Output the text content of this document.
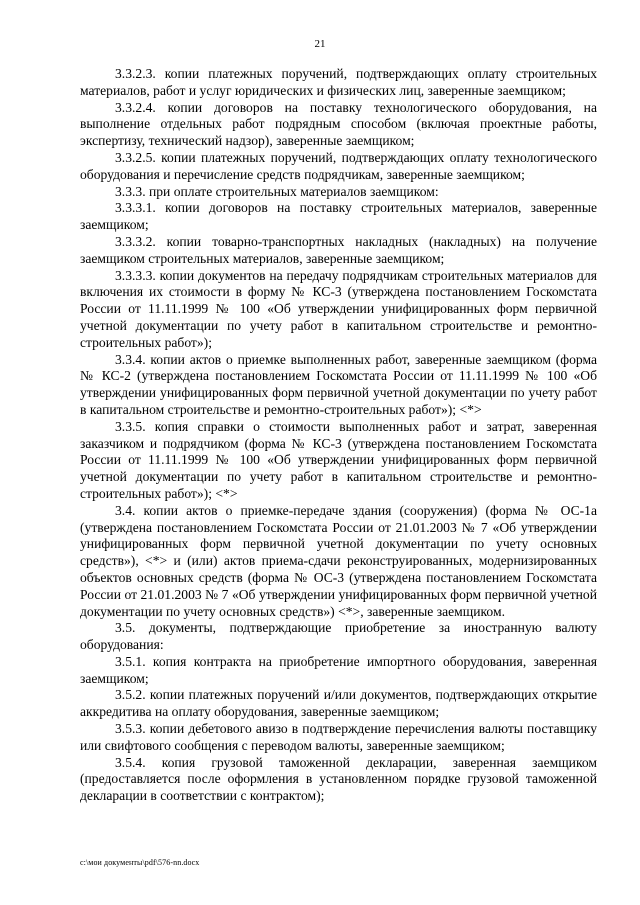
21

3.3.2.3. копии платежных поручений, подтверждающих оплату строительных материалов, работ и услуг юридических и физических лиц, заверенные заемщиком;

3.3.2.4. копии договоров на поставку технологического оборудования, на выполнение отдельных работ подрядным способом (включая проектные работы, экспертизу, технический надзор), заверенные заемщиком;

3.3.2.5. копии платежных поручений, подтверждающих оплату технологического оборудования и перечисление средств подрядчикам, заверенные заемщиком;

3.3.3. при оплате строительных материалов заемщиком:

3.3.3.1. копии договоров на поставку строительных материалов, заверенные заемщиком;

3.3.3.2. копии товарно-транспортных накладных (накладных) на получение заемщиком строительных материалов, заверенные заемщиком;

3.3.3.3. копии документов на передачу подрядчикам строительных материалов для включения их стоимости в форму № КС-3 (утверждена постановлением Госкомстата России от 11.11.1999 № 100 «Об утверждении унифицированных форм первичной учетной документации по учету работ в капитальном строительстве и ремонтно-строительных работ»);

3.3.4. копии актов о приемке выполненных работ, заверенные заемщиком (форма № КС-2 (утверждена постановлением Госкомстата России от 11.11.1999 № 100 «Об утверждении унифицированных форм первичной учетной документации по учету работ в капитальном строительстве и ремонтно-строительных работ»); <*>

3.3.5. копия справки о стоимости выполненных работ и затрат, заверенная заказчиком и подрядчиком (форма № КС-3 (утверждена постановлением Госкомстата России от 11.11.1999 № 100 «Об утверждении унифицированных форм первичной учетной документации по учету работ в капитальном строительстве и ремонтно-строительных работ»); <*>

3.4. копии актов о приемке-передаче здания (сооружения) (форма № ОС-1а (утверждена постановлением Госкомстата России от 21.01.2003 № 7 «Об утверждении унифицированных форм первичной учетной документации по учету основных средств»), <*> и (или) актов приема-сдачи реконструированных, модернизированных объектов основных средств (форма № ОС-3 (утверждена постановлением Госкомстата России от 21.01.2003 № 7 «Об утверждении унифицированных форм первичной учетной документации по учету основных средств») <*>, заверенные заемщиком.

3.5. документы, подтверждающие приобретение за иностранную валюту оборудования:

3.5.1. копия контракта на приобретение импортного оборудования, заверенная заемщиком;

3.5.2. копии платежных поручений и/или документов, подтверждающих открытие аккредитива на оплату оборудования, заверенные заемщиком;

3.5.3. копии дебетового авизо в подтверждение перечисления валюты поставщику или свифтового сообщения с переводом валюты, заверенные заемщиком;

3.5.4. копия грузовой таможенной декларации, заверенная заемщиком (предоставляется после оформления в установленном порядке грузовой таможенной декларации в соответствии с контрактом);

c:\мои документы\pdf\576-nn.docx
